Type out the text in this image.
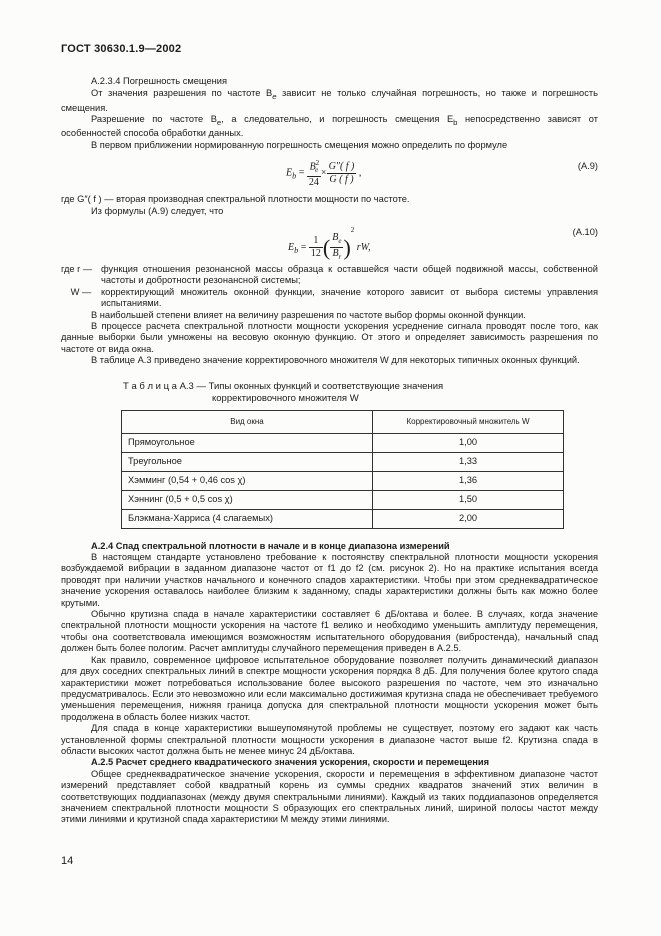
ГОСТ 30630.1.9—2002

A.2.3.4 Погрешность смещения

От значения разрешения по частоте $B_e$ зависит не только случайная погрешность, но также и погрешность смещения.

Разрешение по частоте $B_e$, а следовательно, и погрешность смещения $E_b$ непосредственно зависят от особенностей способа обработки данных.

В первом приближении нормированную погрешность смещения можно определить по формуле

$E_b = \frac{B^2_e}{24} \times \frac{G''( f )}{G ( f )}$ ,
(A.9)

где G″( f ) — вторая производная спектральной плотности мощности по частоте.

Из формулы (A.9) следует, что

$E_b = \frac{1}{12}$ ( $\frac{B_e}{B_r} )^2$ rW,
(A.10)
где r — функция отношения резонансной массы образца к оставшейся части общей подвижной массы, собственной частоты и добротности резонансной системы;
W —	корректирующий множитель оконной функции, значение которого зависит от выбора системы управления испытаниями.

В наибольшей степени влияет на величину разрешения по частоте выбор формы оконной функции.

В процессе расчета спектральной плотности мощности ускорения усреднение сигнала проводят после того, как данные выборки были умножены на весовую оконную функцию. От этого и определяет зависимость разрешения по частоте от вида окна.

В таблице A.3 приведено значение корректировочного множителя W для некоторых типичных оконных функций.

Т а б л и ц а A.3 — Типы оконных функций и соответствующие значения
корректировочного множителя W
Вид окна	Корректировочный множитель W
Прямоугольное	1,00
Треугольное	1,33
Хэмминг (0,54 + 0,46 cos χ)	1,36
Хэннинг (0,5 + 0,5 cos χ)	1,50
Блэкмана-Харриса (4 слагаемых)	2,00

A.2.4 Спад спектральной плотности в начале и в конце диапазона измерений

В настоящем стандарте установлено требование к постоянству спектральной плотности мощности ускорения возбуждаемой вибрации в заданном диапазоне частот от f1 до f2 (см. рисунок 2). Но на практике испытания всегда проводят при наличии участков начального и конечного спадов характеристики. Чтобы при этом среднеквадратическое значение ускорения оставалось наиболее близким к заданному, спады характеристики должны быть как можно более крутыми.

Обычно крутизна спада в начале характеристики составляет 6 дБ/октава и более. В случаях, когда значение спектральной плотности мощности ускорения на частоте f1 велико и необходимо уменьшить амплитуду перемещения, чтобы она соответствовала имеющимся возможностям испытательного оборудования (вибростенда), начальный спад должен быть более пологим. Расчет амплитуды случайного перемещения приведен в A.2.5.

Как правило, современное цифровое испытательное оборудование позволяет получить динамический диапазон для двух соседних спектральных линий в спектре мощности ускорения порядка 8 дБ. Для получения более крутого спада характеристики может потребоваться использование более высокого разрешения по частоте, чем это изначально предусматривалось. Если это невозможно или если максимально достижимая крутизна спада не обеспечивает требуемого уменьшения перемещения, нижняя граница допуска для спектральной плотности мощности ускорения может быть продолжена в область более низких частот.

Для спада в конце характеристики вышеупомянутой проблемы не существует, поэтому его задают как часть установленной формы спектральной плотности мощности ускорения в диапазоне частот выше f2. Крутизна спада в области высоких частот должна быть не менее минус 24 дБ/октава.

A.2.5 Расчет среднего квадратического значения ускорения, скорости и перемещения

Общее среднеквадратическое значение ускорения, скорости и перемещения в эффективном диапазоне частот измерений представляет собой квадратный корень из суммы средних квадратов значений этих величин в соответствующих поддиапазонах (между двумя спектральными линиями). Каждый из таких поддиапазонов определяется значением спектральной плотности мощности S образующих его спектральных линий, шириной полосы частот между этими линиями и крутизной спада характеристики M между этими линиями.

14
